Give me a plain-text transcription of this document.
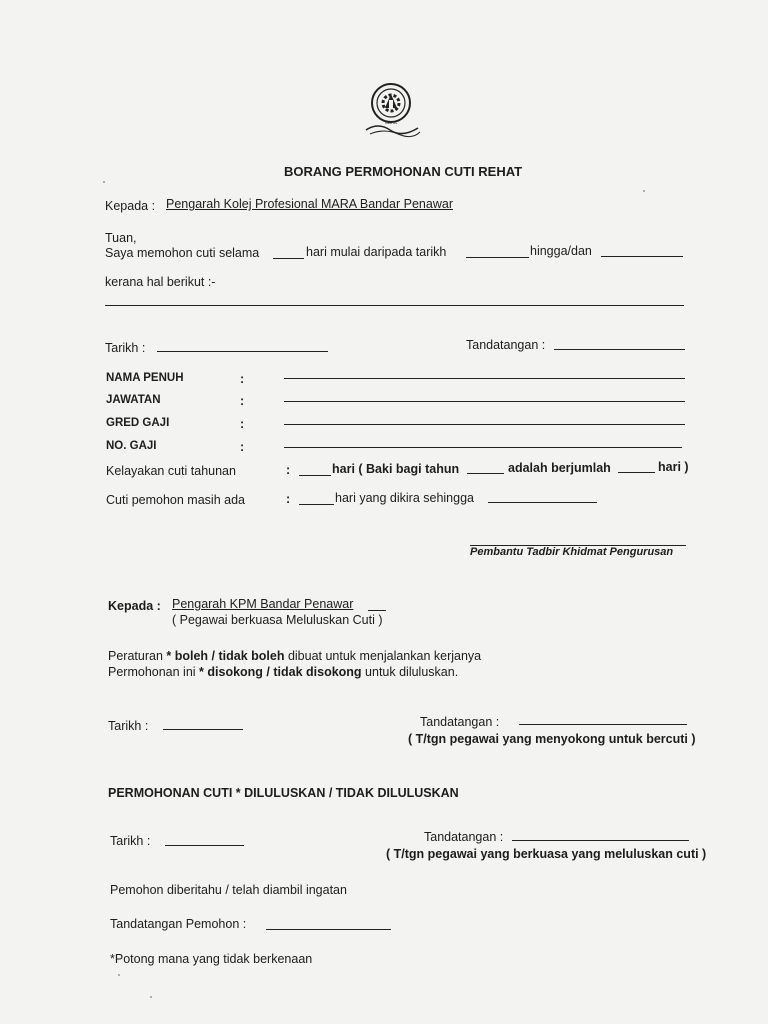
MARA
BORANG PERMOHONAN CUTI REHAT
Kepada : Pengarah Kolej Profesional MARA Bandar Penawar
Tuan,
Saya memohon cuti selama	hari mulai daripada tarikh	hingga/dan
kerana hal berikut :-
Tarikh :	Tandatangan :
NAMA PENUH	:
JAWATAN	:
GRED GAJI	:
NO. GAJI	:
Kelayakan cuti tahunan	:	hari ( Baki bagi tahun	adalah berjumlah	hari )
Cuti pemohon masih ada	:	hari yang dikira sehingga
Pembantu Tadbir Khidmat Pengurusan
Kepada : Pengarah KPM Bandar Penawar
( Pegawai berkuasa Meluluskan Cuti )
Peraturan * boleh / tidak boleh dibuat untuk menjalankan kerjanya
Permohonan ini * disokong / tidak disokong untuk diluluskan.
Tarikh :	Tandatangan :
( T/tgn pegawai yang menyokong untuk bercuti )
PERMOHONAN CUTI * DILULUSKAN / TIDAK DILULUSKAN
Tarikh :	Tandatangan :
( T/tgn pegawai yang berkuasa yang meluluskan cuti )
Pemohon diberitahu / telah diambil ingatan
Tandatangan Pemohon :
*Potong mana yang tidak berkenaan
